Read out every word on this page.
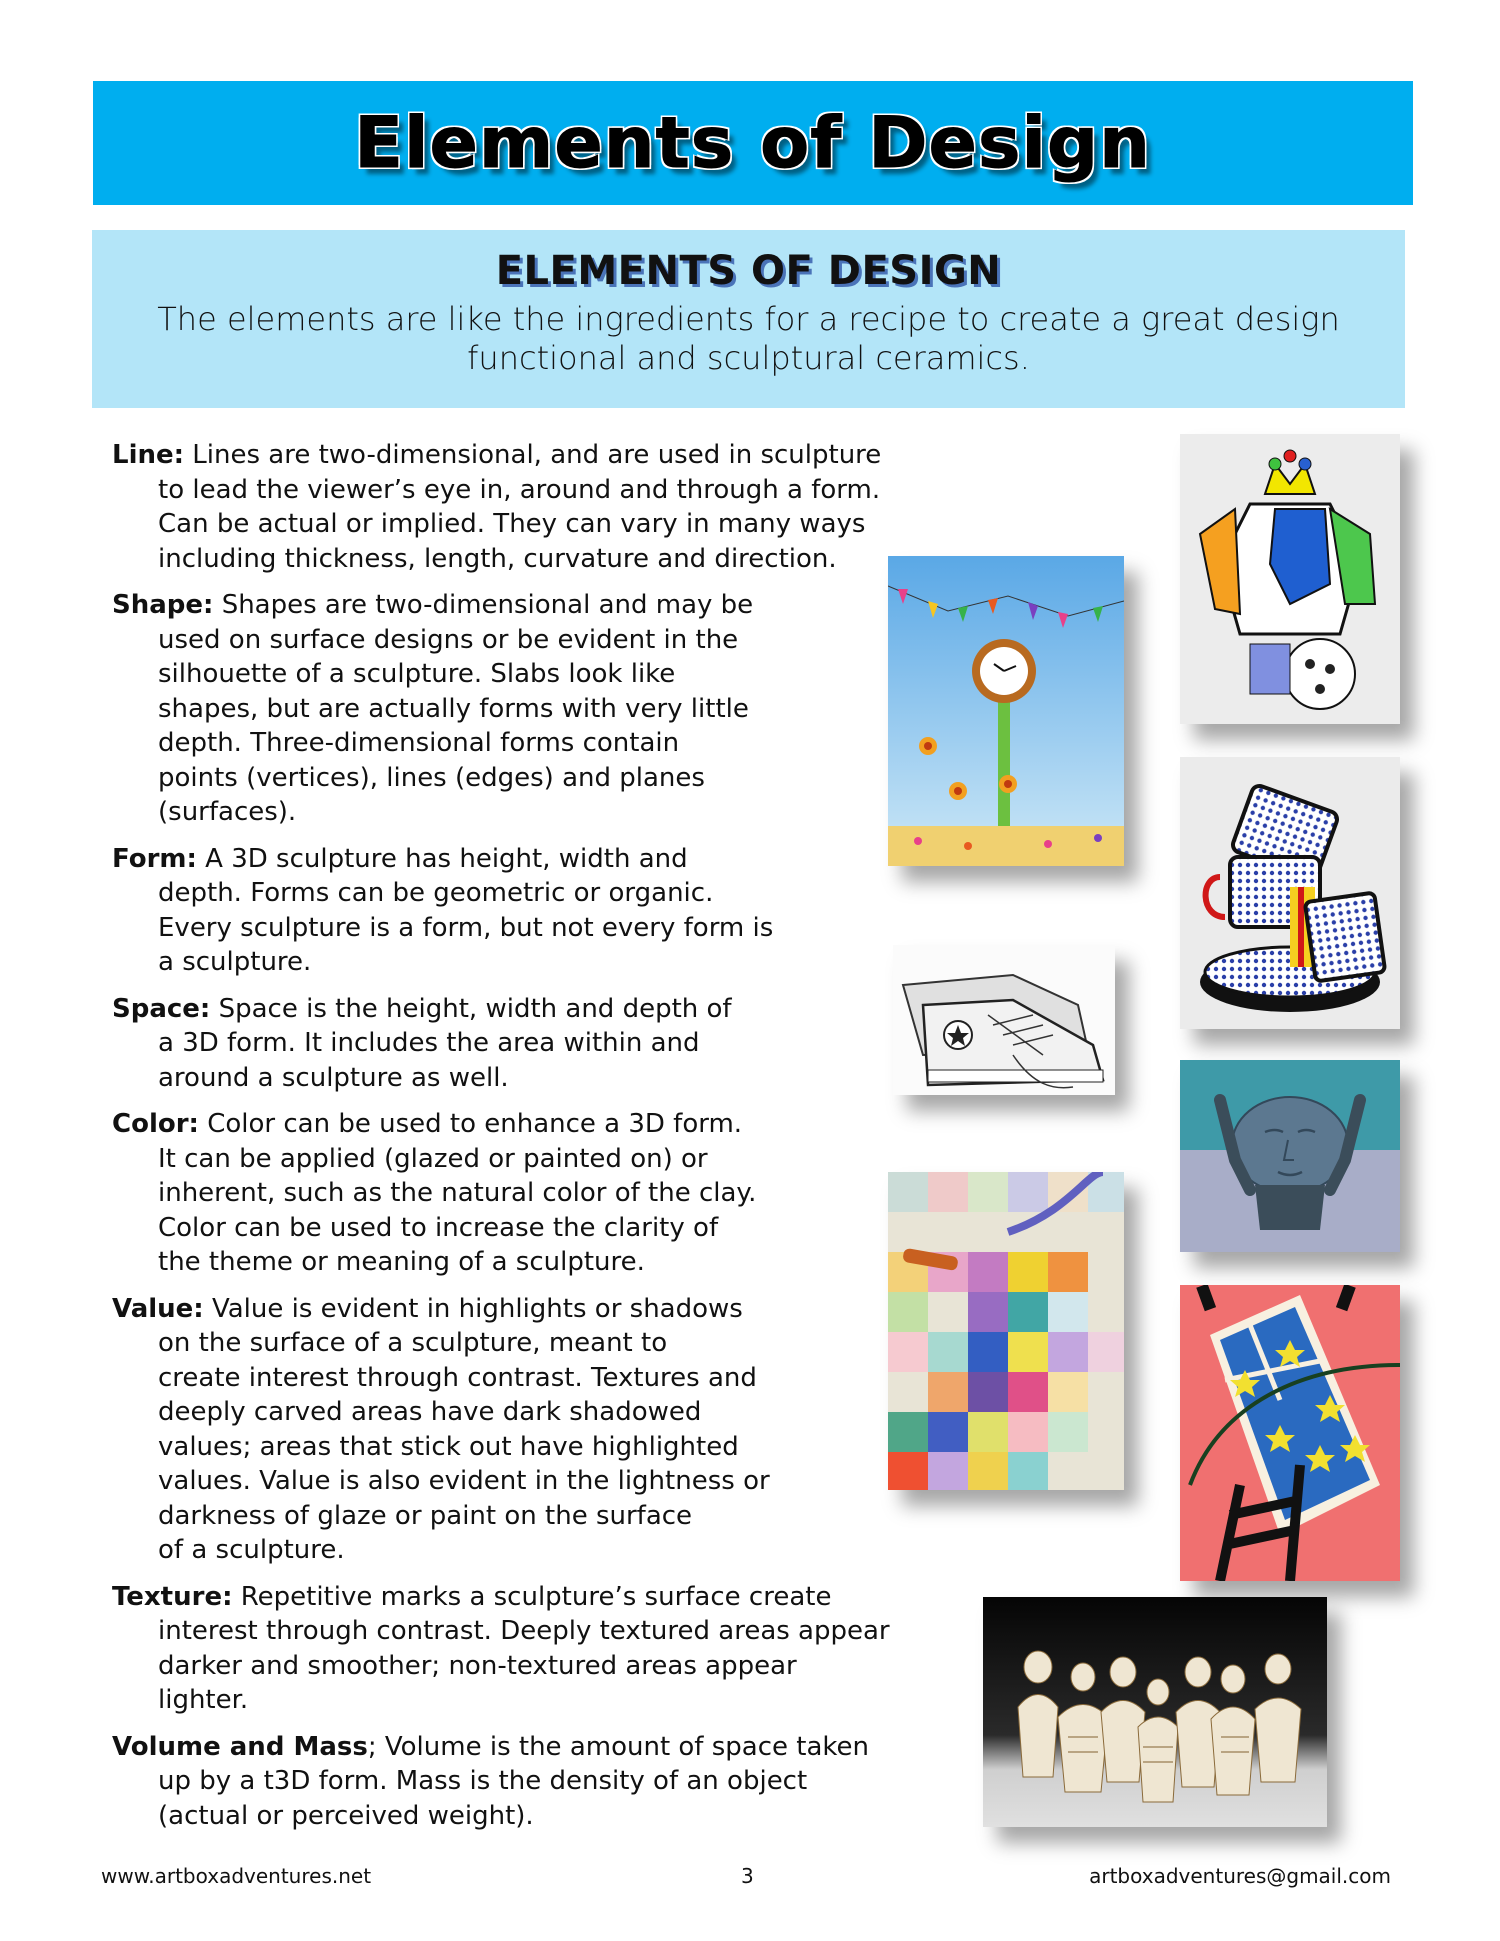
Elements of Design
ELEMENTS OF DESIGN
The elements are like the ingredients for a recipe to create a great design
functional and sculptural ceramics.
Line: Lines are two-dimensional, and are used in sculpture
to lead the viewer’s eye in, around and through a form.
Can be actual or implied. They can vary in many ways
including thickness, length, curvature and direction.
Shape: Shapes are two-dimensional and may be
used on surface designs or be evident in the
silhouette of a sculpture. Slabs look like
shapes, but are actually forms with very little
depth. Three-dimensional forms contain
points (vertices), lines (edges) and planes
(surfaces).
Form: A 3D sculpture has height, width and
depth. Forms can be geometric or organic.
Every sculpture is a form, but not every form is
a sculpture.
Space: Space is the height, width and depth of
a 3D form. It includes the area within and
around a sculpture as well.
Color: Color can be used to enhance a 3D form.
It can be applied (glazed or painted on) or
inherent, such as the natural color of the clay.
Color can be used to increase the clarity of
the theme or meaning of a sculpture.
Value: Value is evident in highlights or shadows
on the surface of a sculpture, meant to
create interest through contrast. Textures and
deeply carved areas have dark shadowed
values; areas that stick out have highlighted
values. Value is also evident in the lightness or
darkness of glaze or paint on the surface
of a sculpture.
Texture: Repetitive marks a sculpture’s surface create
interest through contrast. Deeply textured areas appear
darker and smoother; non-textured areas appear
lighter.
Volume and Mass; Volume is the amount of space taken
up by a t3D form. Mass is the density of an object
(actual or perceived weight).
www.artboxadventures.net	3	artboxadventures@gmail.com
